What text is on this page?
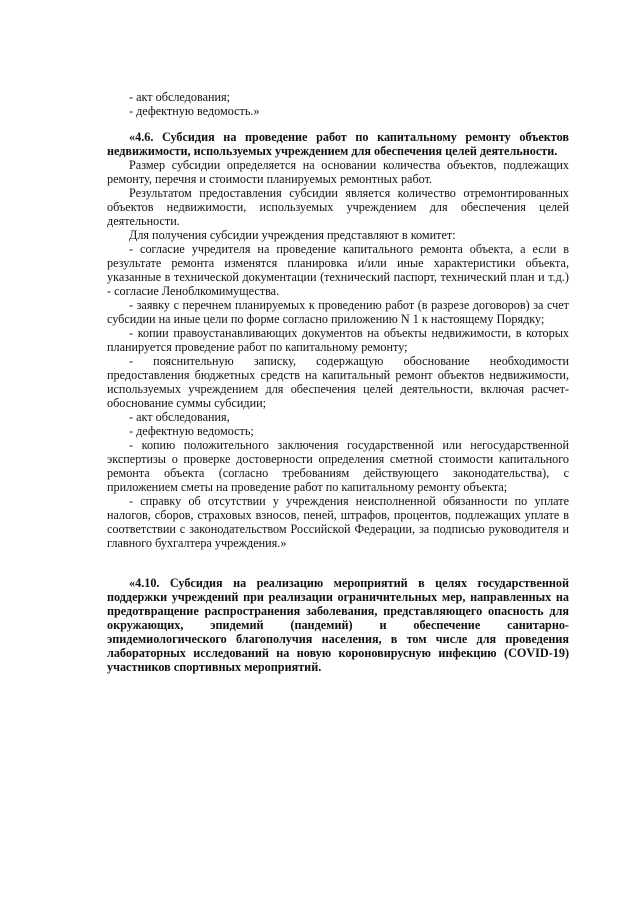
- акт обследования;

- дефектную ведомость.»

«4.6. Субсидия на проведение работ по капитальному ремонту объектов недвижимости, используемых учреждением для обеспечения целей деятельности.

Размер субсидии определяется на основании количества объектов, подлежащих ремонту, перечня и стоимости планируемых ремонтных работ.

Результатом предоставления субсидии является количество отремонтированных объектов недвижимости, используемых учреждением для обеспечения целей деятельности.

Для получения субсидии учреждения представляют в комитет:

- согласие учредителя на проведение капитального ремонта объекта, а если в результате ремонта изменятся планировка и/или иные характеристики объекта, указанные в технической документации (технический паспорт, технический план и т.д.) - согласие Леноблкомимущества.

- заявку с перечнем планируемых к проведению работ (в разрезе договоров) за счет субсидии на иные цели по форме согласно приложению N 1 к настоящему Порядку;

- копии правоустанавливающих документов на объекты недвижимости, в которых планируется проведение работ по капитальному ремонту;

- пояснительную записку, содержащую обоснование необходимости предоставления бюджетных средств на капитальный ремонт объектов недвижимости, используемых учреждением для обеспечения целей деятельности, включая расчет-обоснование суммы субсидии;

- акт обследования,

- дефектную ведомость;

- копию положительного заключения государственной или негосударственной экспертизы о проверке достоверности определения сметной стоимости капитального ремонта объекта (согласно требованиям действующего законодательства), с приложением сметы на проведение работ по капитальному ремонту объекта;

- справку об отсутствии у учреждения неисполненной обязанности по уплате налогов, сборов, страховых взносов, пеней, штрафов, процентов, подлежащих уплате в соответствии с законодательством Российской Федерации, за подписью руководителя и главного бухгалтера учреждения.»

«4.10. Субсидия на реализацию мероприятий в целях государственной поддержки учреждений при реализации ограничительных мер, направленных на предотвращение распространения заболевания, представляющего опасность для окружающих, эпидемий (пандемий) и обеспечение санитарно-эпидемиологического благополучия населения, в том числе для проведения лабораторных исследований на новую короновирусную инфекцию (COVID-19) участников спортивных мероприятий.
